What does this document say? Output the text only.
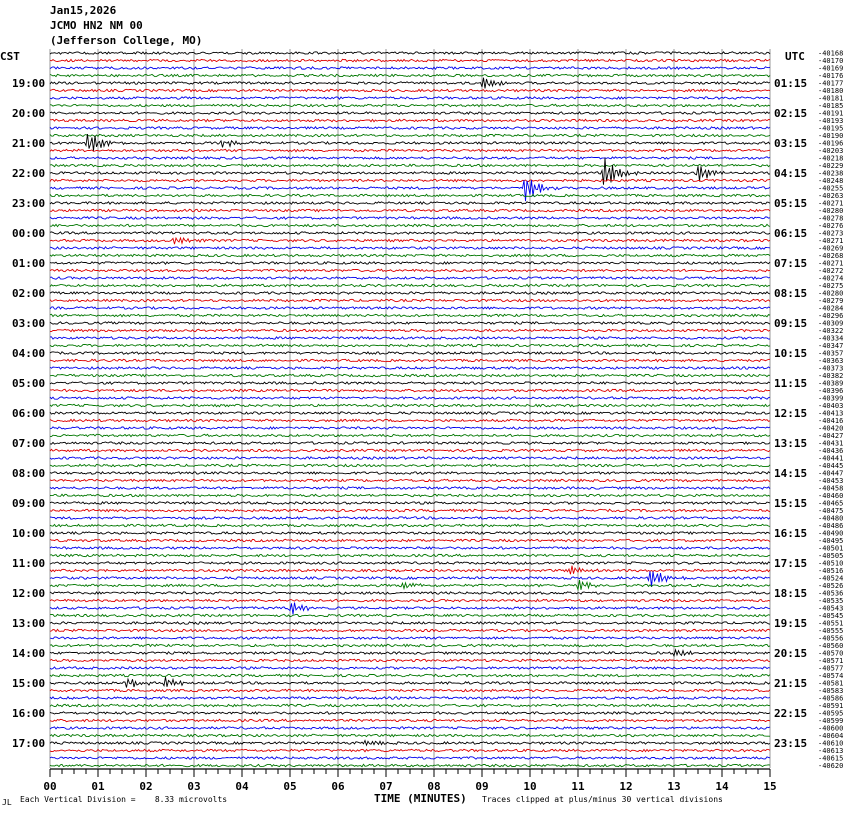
Jan15,2026
JCMO HN2 NM 00
(Jefferson College, MO)
CST	UTC -40168
-40170
-40169
-40176
-40177
-40180
-40181
-40185
-40191
-40193
-40195
-40190
-40196
-40203
-40218
-40229
-40238
-40248
-40255
-40263
-40271
-40280
-40278
-40276
-40273
-40271
-40269
-40268
-40271
-40272
-40274
-40275
-40280
-40279
-40284
-40296
-40309
-40322
-40334
-40347
-40357
-40363
-40373
-40382
-40389
-40396
-40399
-40403
-40413
-40416
-40420
-40427
-40431
-40436
-40441
-40445
-40447
-40453
-40458
-40460
-40465
-40475
-40480
-40486
-40490
-40495
-40501
-40505
-40510
-40516
-40524
-40526
-40536
-40535
-40543
-40545
-40551
-40555
-40556
-40560
-40570
-40571
-40577
-40574
-40581
-40583
-40586
-40591
-40595
-40599
-40600
-40604
-40610
-40613
-40615
-40620
19:00
20:00
21:00
22:00
23:00
00:00
01:00
02:00
03:00
04:00
05:00
06:00
07:00
08:00
09:00
10:00
11:00
12:00
13:00
14:00
15:00
16:00
17:00
01:15
02:15
03:15
04:15
05:15
06:15
07:15
08:15
09:15
10:15
11:15
12:15
13:15
14:15
15:15
16:15
17:15
18:15
19:15
20:15
21:15
22:15
23:15
00	01	02	03	04	05	06	07	08	09	10	11	12	13	14	15
JL Each Vertical Division =    8.33 microvolts	TIME (MINUTES) Traces clipped at plus/minus 30 vertical divisions
